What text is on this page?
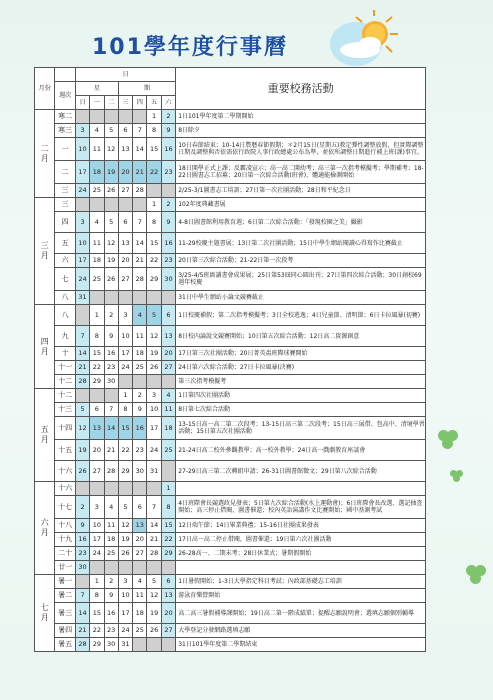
101學年度行事曆
月份		日							重要校務活動
	週次	星			期				
		日	一	二	三	四	五	六	
二月	寒二						1	2	1日101學年度第二學期開始
	寒三	3	4	5	6	7	8	9	8日除夕
	一	10	11	12	13	14	15	16	10日春節結束；10-14日農曆春節假期；＊2月15日(星期五)教定彈性調整放假，但實際調整日期及調整與否依需依行政院人事行政總處公布為準，並依所調整日期進行補上班(課)事宜。
	二	17	18	19	20	21	22	23	18日開學正式上課；反霸凌宣示；高一高二開幼考；高三第一次指考模擬考；學期補考；18-22日圖書志工招募；20日第一次綜合活動(班會)、體適能檢測開始
	三	24	25	26	27	28			2/25-3/1圖書志工培訓；27日第一次社團活動；28日和平紀念日
三月	三						1	2	102年度典藏書展
	四	3	4	5	6	7	8	9	4-8日圖書館利用教育週；6日第二次綜合活動：「發現校園之美」攝影
	五	10	11	12	13	14	15	16	11-29校慶主題書展；13日第二次社團活動；15日中學生網站閱讀心得寫作比賽截止
	六	17	18	19	20	21	22	23	20日第三次綜合活動；21-22日第一次段考
	七	24	25	26	27	28	29	30	3/25-4/5班級讀書會成果展；25日第53屆同心圓出刊；27日第四次綜合活動；30日創校69週年校慶
	八	31							31日中學生網站小論文競賽截止
四月	八		1	2	3	4	5	6	1日校慶補假；第二次指考模擬考；3日全校逃逸；4日兒童節、清明節；6日卡拉風暴(初賽)
	九	7	8	9	10	11	12	13	8日校內論說文競賽開始；10日第五次綜合活動；12日高二資源創意
	十	14	15	16	17	18	19	20	17日第三次社團活動；20日菁英盃班際球賽開始
	十一	21	22	23	24	25	26	27	24日第六次綜合活動；27日卡拉風暴(決賽)
	十二	28	29	30					第三次指考模擬考
五月	十二				1	2	3	4	1日第四次社團活動
	十三	5	6	7	8	9	10	11	8日第七次綜合活動
	十四	12	13	14	15	16	17	18	13-15日高一高二第二次段考；13-15日高三第二次段考；15日高三展借、包高中、清境學習活動；15日第五次社團活動
	十五	19	20	21	22	23	24	25	21-24日高二校外參觀教學；高一校外教學；24日高一戲劇教育座談會
	十六	26	27	28	29	30	31		27-29日高三第二次轉組申請；26-31日圖書館徵文；29日第八次綜合活動
六月	十六							1	
	十七	2	3	4	5	6	7	8	4日班際會長競選政見發表；5日第九次綜合活動(水上運動會)；6日班際會長改選、選記抽查開始；高三停止借閱，圖書催還；校內英語演講作文比賽開始；國中基測考試
	十八	9	10	11	12	13	14	15	12日端午節；14日畢業典禮；15-16日社團成果發表
	十九	16	17	18	19	20	21	22	17日高一高二停止借閱，圖書催還；19日第六次社團活動
	二十	23	24	25	26	27	28	29	26-28高一、二期末考；28日休業式；暑期假開始
	廿一	30							
七月	暑一		1	2	3	4	5	6	1日暑假開始；1-3日大學指定科目考試；內政部基礎志工培訓
	暑二	7	8	9	10	11	12	13	游泳育樂營開始
	暑三	14	15	16	17	18	19	20	高二高三暑假補導課開始；19日高二第一階成績單；提醒志願說明會；選填志願個別輔導
	暑四	21	22	23	24	25	26	27	大學登記分發網路選填志願
	暑五	28	29	30	31				31日101學年度第二學期結束
